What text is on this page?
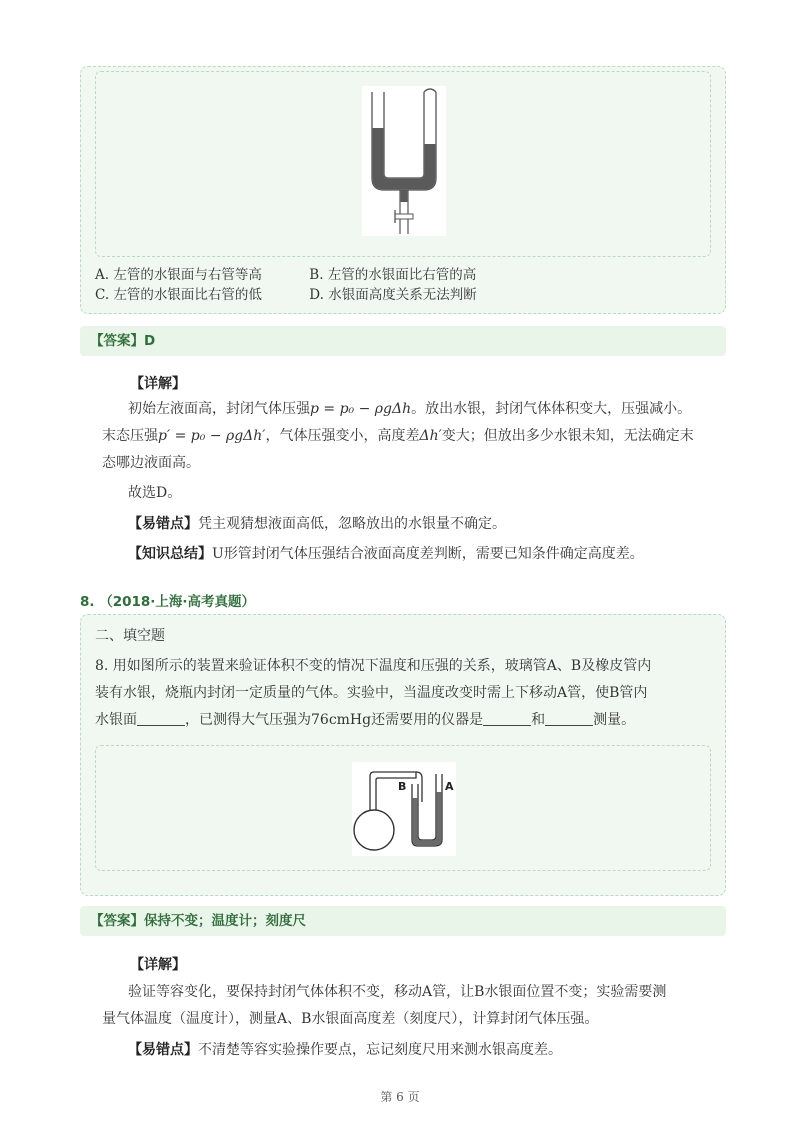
A. 左管的水银面与右管等高	B. 左管的水银面比右管的高
C. 左管的水银面比右管的低	D. 水银面高度关系无法判断
【答案】D
【详解】
初始左液面高，封闭气体压强p = p₀ − ρgΔh。放出水银，封闭气体体积变大，压强减小。末态压强p′ = p₀ − ρgΔh′，气体压强变小，高度差Δh′变大；但放出多少水银未知，无法确定末态哪边液面高。
故选D。
【易错点】凭主观猜想液面高低，忽略放出的水银量不确定。
【知识总结】U形管封闭气体压强结合液面高度差判断，需要已知条件确定高度差。
8. （2018·上海·高考真题）
二、填空题
8. 用如图所示的装置来验证体积不变的情况下温度和压强的关系，玻璃管A、B及橡皮管内
装有水银，烧瓶内封闭一定质量的气体。实验中，当温度改变时需上下移动A管，使B管内
水银面	，已测得大气压强为76cmHg还需要用的仪器是	和	测量。
B	A
【答案】保持不变；温度计；刻度尺
【详解】
验证等容变化，要保持封闭气体体积不变，移动A管，让B水银面位置不变；实验需要测
量气体温度（温度计），测量A、B水银面高度差（刻度尺），计算封闭气体压强。
【易错点】不清楚等容实验操作要点，忘记刻度尺用来测水银高度差。
第 6 页
